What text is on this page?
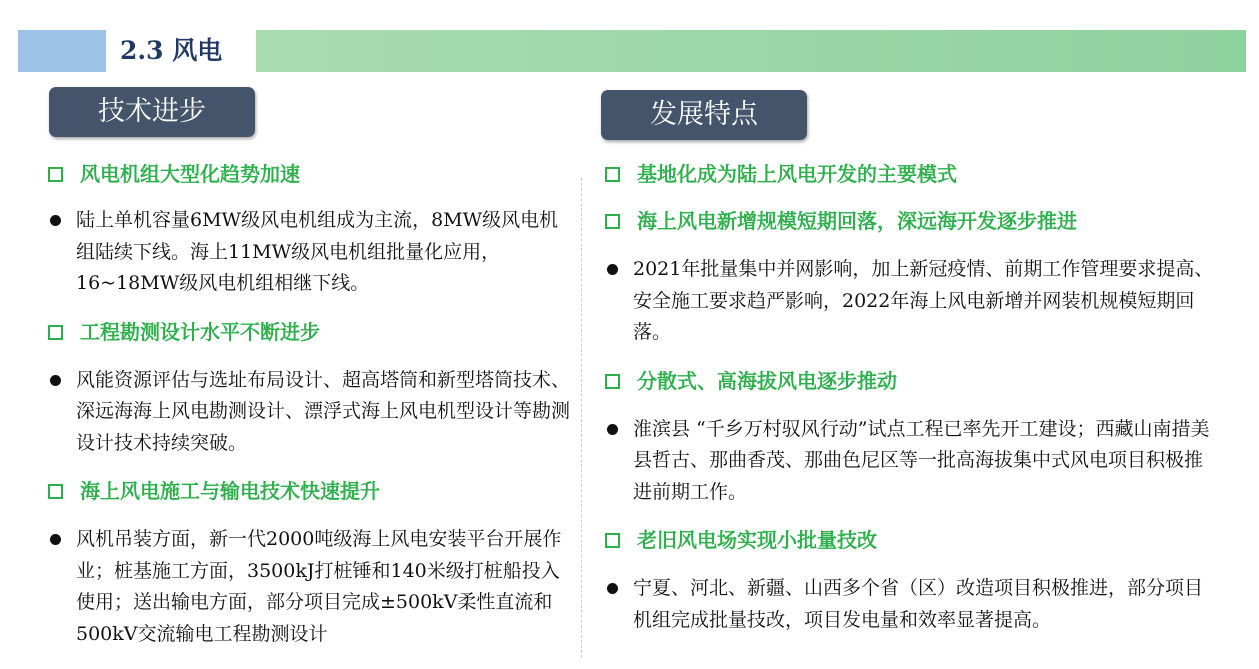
2.3 风电
技术进步	发展特点
风电机组大型化趋势加速
陆上单机容量6MW级风电机组成为主流，8MW级风电机组陆续下线。海上11MW级风电机组批量化应用，16~18MW级风电机组相继下线。
工程勘测设计水平不断进步
风能资源评估与选址布局设计、超高塔筒和新型塔筒技术、深远海海上风电勘测设计、漂浮式海上风电机型设计等勘测设计技术持续突破。
海上风电施工与输电技术快速提升
风机吊装方面，新一代2000吨级海上风电安装平台开展作业；桩基施工方面，3500kJ打桩锤和140米级打桩船投入使用；送出输电方面，部分项目完成±500kV柔性直流和500kV交流输电工程勘测设计
基地化成为陆上风电开发的主要模式
海上风电新增规模短期回落，深远海开发逐步推进
2021年批量集中并网影响，加上新冠疫情、前期工作管理要求提高、安全施工要求趋严影响，2022年海上风电新增并网装机规模短期回落。
分散式、高海拔风电逐步推动
淮滨县 “千乡万村驭风行动”试点工程已率先开工建设；西藏山南措美县哲古、那曲香茂、那曲色尼区等一批高海拔集中式风电项目积极推进前期工作。
老旧风电场实现小批量技改
宁夏、河北、新疆、山西多个省（区）改造项目积极推进，部分项目机组完成批量技改，项目发电量和效率显著提高。
